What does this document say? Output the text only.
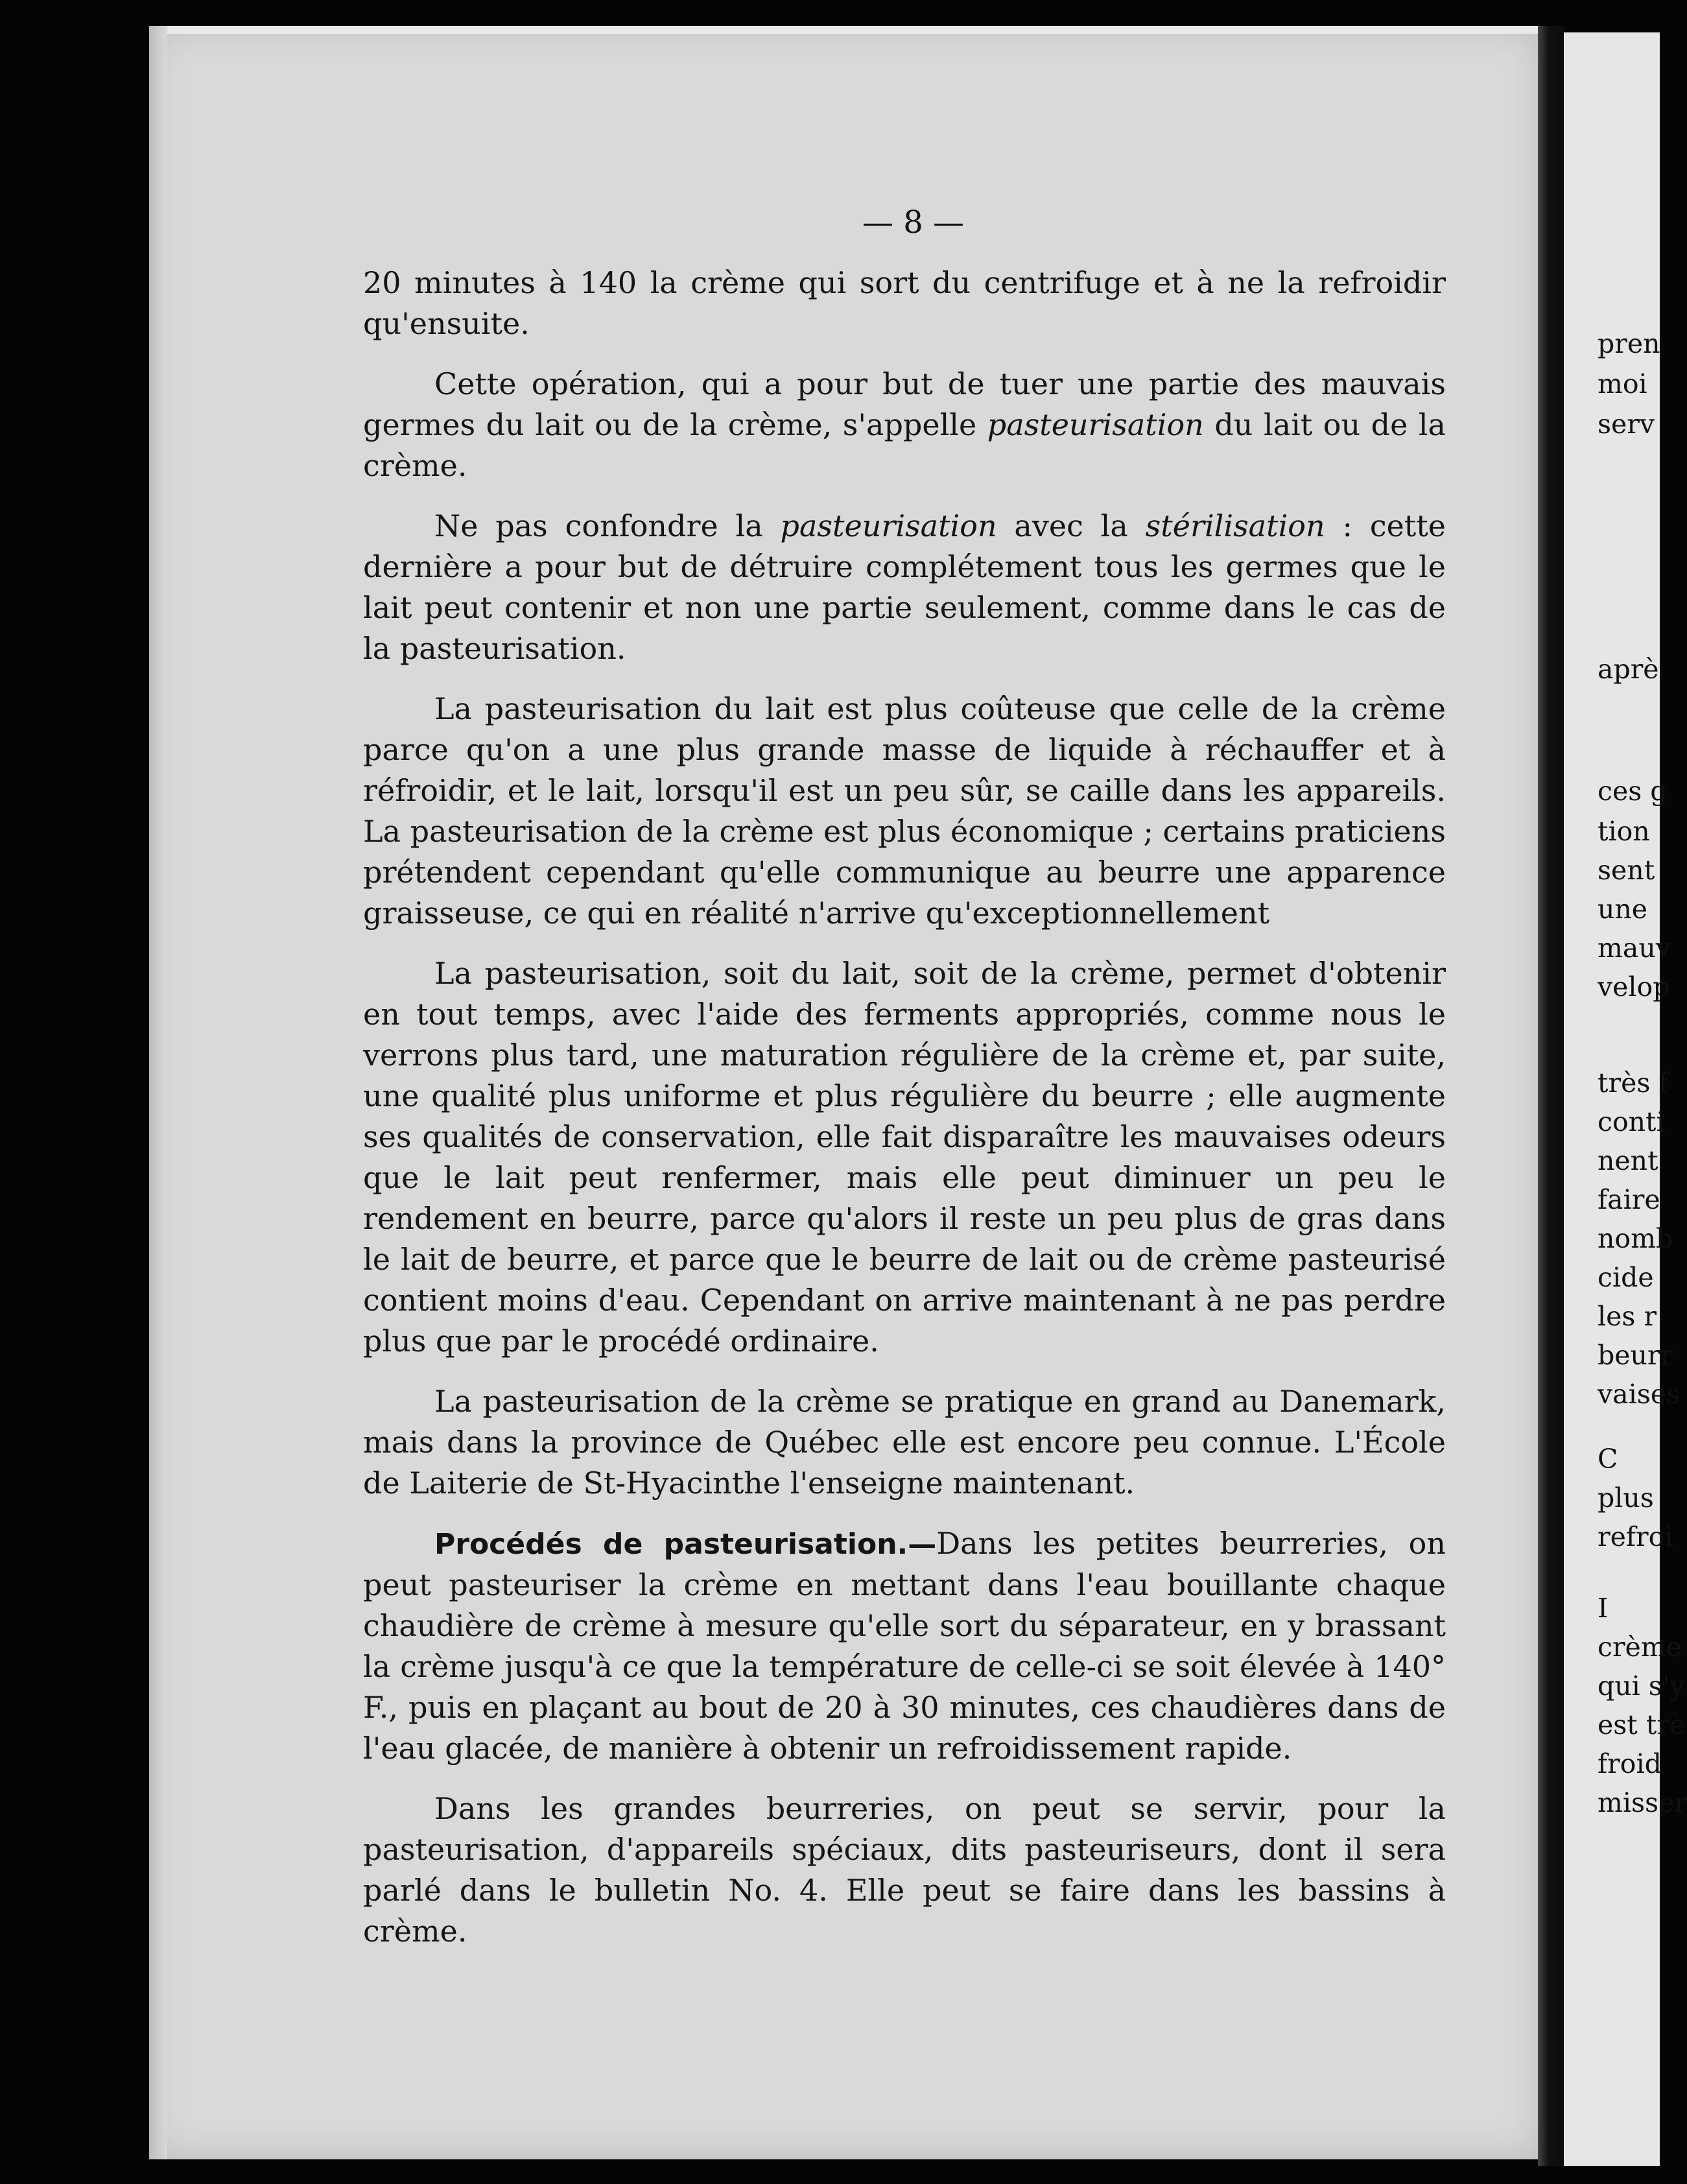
pren
moi
serv
aprè
ces g
tion
sent
une
mauv
velop
très f
conti
nent
faire
nomb
cide
les r
beurr
vaises
C
plus
refroi
I
crème
qui s'y
est trè
froid
misser
— 8 —

20 minutes à 140 la crème qui sort du centrifuge et à ne la refroidir qu'ensuite.

Cette opération, qui a pour but de tuer une partie des mauvais germes du lait ou de la crème, s'appelle pasteurisation du lait ou de la crème.

Ne pas confondre la pasteurisation avec la stérilisation : cette dernière a pour but de détruire complétement tous les germes que le lait peut contenir et non une partie seulement, comme dans le cas de la pasteurisation.

La pasteurisation du lait est plus coûteuse que celle de la crème parce qu'on a une plus grande masse de liquide à réchauffer et à réfroidir, et le lait, lorsqu'il est un peu sûr, se caille dans les appareils. La pasteurisation de la crème est plus économique ; certains praticiens prétendent cependant qu'elle communique au beurre une apparence graisseuse, ce qui en réalité n'arrive qu'exceptionnellement

La pasteurisation, soit du lait, soit de la crème, permet d'obtenir en tout temps, avec l'aide des ferments appropriés, comme nous le verrons plus tard, une maturation régulière de la crème et, par suite, une qualité plus uniforme et plus régulière du beurre ; elle augmente ses qualités de conservation, elle fait disparaître les mauvaises odeurs que le lait peut renfermer, mais elle peut diminuer un peu le rendement en beurre, parce qu'alors il reste un peu plus de gras dans le lait de beurre, et parce que le beurre de lait ou de crème pasteurisé contient moins d'eau. Cependant on arrive maintenant à ne pas perdre plus que par le procédé ordinaire.

La pasteurisation de la crème se pratique en grand au Danemark, mais dans la province de Québec elle est encore peu connue. L'École de Laiterie de St-Hyacinthe l'enseigne maintenant.

Procédés de pasteurisation.—Dans les petites beurreries, on peut pasteuriser la crème en mettant dans l'eau bouillante chaque chaudière de crème à mesure qu'elle sort du séparateur, en y brassant la crème jusqu'à ce que la température de celle-ci se soit élevée à 140° F., puis en plaçant au bout de 20 à 30 minutes, ces chaudières dans de l'eau glacée, de manière à obtenir un refroidissement rapide.

Dans les grandes beurreries, on peut se servir, pour la pasteurisation, d'appareils spéciaux, dits pasteuriseurs, dont il sera parlé dans le bulletin No. 4. Elle peut se faire dans les bassins à crème.
